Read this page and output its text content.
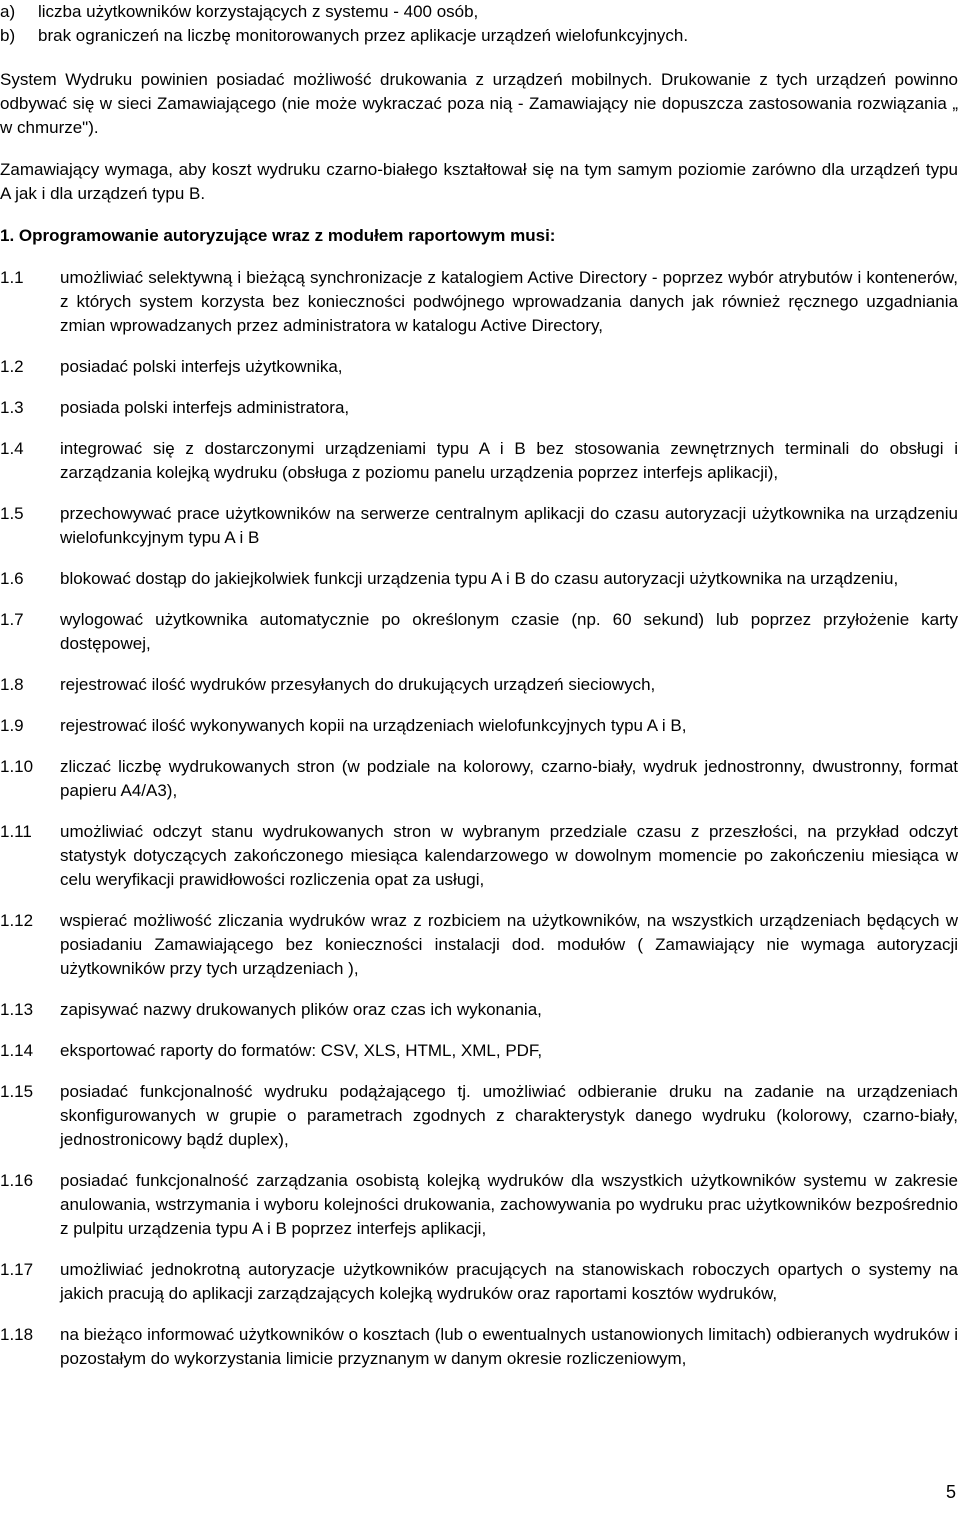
a)	liczba użytkowników korzystających z systemu - 400 osób,
b)	brak ograniczeń na liczbę monitorowanych przez aplikacje urządzeń wielofunkcyjnych.

System Wydruku powinien posiadać możliwość drukowania z urządzeń mobilnych. Drukowanie z tych urządzeń powinno odbywać się w sieci Zamawiającego (nie może wykraczać poza nią - Zamawiający nie dopuszcza zastosowania rozwiązania „ w chmurze").

Zamawiający wymaga, aby koszt wydruku czarno-białego kształtował się na tym samym poziomie zarówno dla urządzeń typu A jak i dla urządzeń typu B.

1. Oprogramowanie autoryzujące wraz z modułem raportowym musi:

1.1	umożliwiać selektywną i bieżącą synchronizacje z katalogiem Active Directory - poprzez wybór atrybutów i kontenerów, z których system korzysta bez konieczności podwójnego wprowadzania danych jak również ręcznego uzgadniania zmian wprowadzanych przez administratora w katalogu Active Directory,
1.2	posiadać polski interfejs użytkownika,
1.3	posiada polski interfejs administratora,
1.4	integrować się z dostarczonymi urządzeniami typu A i B bez stosowania zewnętrznych terminali do obsługi i zarządzania kolejką wydruku (obsługa z poziomu panelu urządzenia poprzez interfejs aplikacji),
1.5	przechowywać prace użytkowników na serwerze centralnym aplikacji do czasu autoryzacji użytkownika na urządzeniu wielofunkcyjnym typu A i B
1.6	blokować dostąp do jakiejkolwiek funkcji urządzenia typu A i B do czasu autoryzacji użytkownika na urządzeniu,
1.7	wylogować użytkownika automatycznie po określonym czasie (np. 60 sekund) lub poprzez przyłożenie karty dostępowej,
1.8	rejestrować ilość wydruków przesyłanych do drukujących urządzeń sieciowych,
1.9	rejestrować ilość wykonywanych kopii na urządzeniach wielofunkcyjnych typu A i B,
1.10	zliczać liczbę wydrukowanych stron (w podziale na kolorowy, czarno-biały, wydruk jednostronny, dwustronny, format papieru A4/A3),
1.11	umożliwiać odczyt stanu wydrukowanych stron w wybranym przedziale czasu z przeszłości, na przykład odczyt statystyk dotyczących zakończonego miesiąca kalendarzowego w dowolnym momencie po zakończeniu miesiąca w celu weryfikacji prawidłowości rozliczenia opat za usługi,
1.12	wspierać możliwość zliczania wydruków wraz z rozbiciem na użytkowników, na wszystkich urządzeniach będących w posiadaniu Zamawiającego bez konieczności instalacji dod. modułów ( Zamawiający nie wymaga autoryzacji użytkowników przy tych urządzeniach ),
1.13	zapisywać nazwy drukowanych plików oraz czas ich wykonania,
1.14	eksportować raporty do formatów: CSV, XLS, HTML, XML, PDF,
1.15	posiadać funkcjonalność wydruku podążającego tj. umożliwiać odbieranie druku na zadanie na urządzeniach skonfigurowanych w grupie o parametrach zgodnych z charakterystyk danego wydruku (kolorowy, czarno-biały, jednostronicowy bądź duplex),
1.16	posiadać funkcjonalność zarządzania osobistą kolejką wydruków dla wszystkich użytkowników systemu w zakresie anulowania, wstrzymania i wyboru kolejności drukowania, zachowywania po wydruku prac użytkowników bezpośrednio z pulpitu urządzenia typu A i B poprzez interfejs aplikacji,
1.17	umożliwiać jednokrotną autoryzacje użytkowników pracujących na stanowiskach roboczych opartych o systemy na jakich pracują do aplikacji zarządzających kolejką wydruków oraz raportami kosztów wydruków,
1.18	na bieżąco informować użytkowników o kosztach (lub o ewentualnych ustanowionych limitach) odbieranych wydruków i pozostałym do wykorzystania limicie przyznanym w danym okresie rozliczeniowym,
5
